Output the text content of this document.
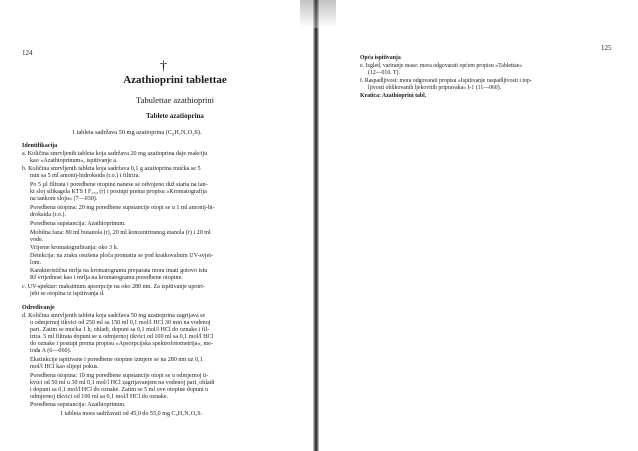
124
†
Azathioprini tablettae
Tabulettae azathioprini
Tablete azatioprina
1 tableta sadržava 50 mg azatioprina (C₉H₇N₇O₂S).
Identifikacija
a. Količina smrvljenih tableta koja sadržava 20 mg azatioprina daje reakciju
kao »Azathioprinum«, ispitivanje a.
b. Količina smrvljenih tableta koja sadržava 0,1 g azatioprina mućka se 5
min sa 5 ml amonij-hidroksida (r.o.) i filtrira.
Po 5 µl filtrata i poredbene otopine nanese se odvojeno duž starta na tan-
ki sloj silikagela KTS I F₂₅₄ (r) i postupi prema propisu »Kromatografija
na tankom sloju« (7—030).
Poredbena otopina: 20 mg poredbene supstancije otopi se u 1 ml amonij-hi-
droksida (r.o.).
Poredbena supstancija: Azathioprinum.
Mobilna faza: 80 ml butanola (r), 20 ml koncentriranog etanola (r) i 20 ml
vode.
Vrijeme kromatografiranja: oko 3 h.
Detekcija: na zraku osušena ploča promatra se pod kratkovalnim UV-svjet-
lom.
Karakteristična mrlja na kromatogramu preparata mora imati gotovo istu
Rf vrijednost kao i mrlja na kromatogramu poredbene otopine.
c. UV-spektar: maksimum apsorpcije na oko 280 nm. Za ispitivanje upotri-
jebi se otopina iz ispitivanja d.
Određivanje
d. Količina smrvljenih tableta koja sadržava 50 mg azatioprina zagrijava se
u odmjernoj tikvici od 250 ml sa 150 ml 0,1 mol/l HCl 30 min na vodenoj
pari. Zatim se mućka 1 h, ohladi, dopuni sa 0,1 mol/l HCl do oznake i fil-
trira. 5 ml filtrata dopuni se u odmjernoj tikvici od 100 ml sa 0,1 mol/l HCl
do oznake i postupi prema propisu »Apsorpcijska spektrofotometrija«, me-
toda A (6—060).
Ekstinkcije ispitivane i poredbene otopine izmjere se na 280 nm uz 0,1
mol/l HCl kao slijepi pokus.
Poredbena otopina: 10 mg poredbene supstancije otopi se u odmjernoj ti-
kvici od 50 ml u 30 ml 0,1 mol/l HCl zagrijavanjem na vodenoj pari, ohladi
i dopuni sa 0,1 mol/l HCl do oznake. Zatim se 5 ml ove otopine dopuni u
odmjernoj tikvici od 100 ml sa 0,1 mol/l HCl do oznake.
Poredbena supstancija: Azathioprinum.
1 tableta mora sadržavati od 45,0 do 55,0 mg C₉H₇N₇O₂S.
125
Opća ispitivanja
e. Izgled, variranje mase: mora odgovarati općem propisu »Tablettae«
(12—010. T).
f. Raspadljivost: mora odgovarati propisu »Ispitivanje raspadljivosti i top-
ljivosti oblikovanih ljekovitih pripravaka« I-1 (11—060).
Kratica: Azathioprini tabl.
